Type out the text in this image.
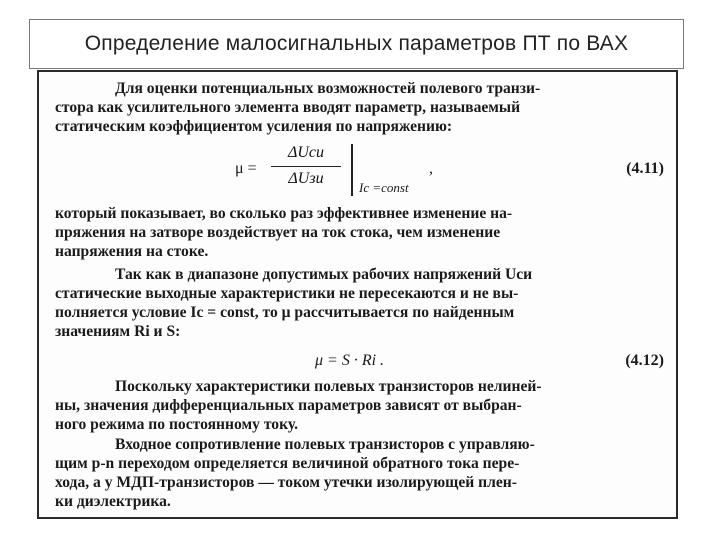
Определение малосигнальных параметров ПТ по ВАХ
Для оценки потенциальных возможностей полевого транзи-
стора как усилительного элемента вводят параметр, называемый
статическим коэффициентом усиления по напряжению:
μ =
ΔUси
ΔUзи
Iс =const
,	(4.11)
который показывает, во сколько раз эффективнее изменение на-
пряжения на затворе воздействует на ток стока, чем изменение
напряжения на стоке.
Так как в диапазоне допустимых рабочих напряжений Uси
статические выходные характеристики не пересекаются и не вы-
полняется условие Iс = const, то μ рассчитывается по найденным
значениям Ri и S:
μ = S · Ri .	(4.12)
Поскольку характеристики полевых транзисторов нелиней-
ны, значения дифференциальных параметров зависят от выбран-
ного режима по постоянному току.
Входное сопротивление полевых транзисторов с управляю-
щим p-n переходом определяется величиной обратного тока пере-
хода, а у МДП-транзисторов — током утечки изолирующей плен-
ки диэлектрика.
